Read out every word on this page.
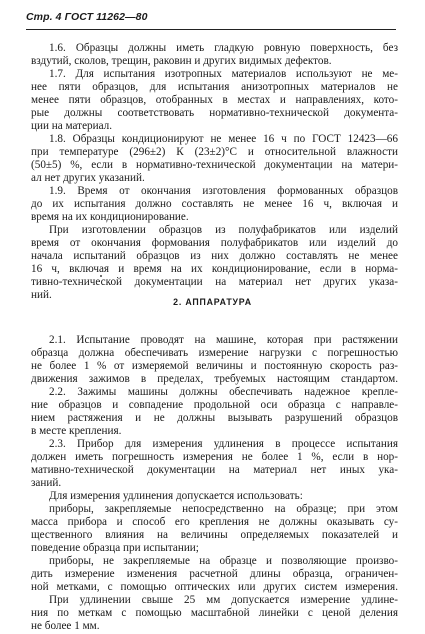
Стр. 4 ГОСТ 11262—80
1.6. Образцы должны иметь гладкую ровную поверхность, без
вздутий, сколов, трещин, раковин и других видимых дефектов.
1.7. Для испытания изотропных материалов используют не ме-
нее пяти образцов, для испытания анизотропных материалов не
менее пяти образцов, отобранных в местах и направлениях, кото-
рые должны соответствовать нормативно-технической документа-
ции на материал.
1.8. Образцы кондиционируют не менее 16 ч по ГОСТ 12423—66
при температуре (296±2) К (23±2)°С и относительной влажности
(50±5) %, если в нормативно-технической документации на матери-
ал нет других указаний.
1.9. Время от окончания изготовления формованных образцов
до их испытания должно составлять не менее 16 ч, включая и
время на их кондиционирование.
При изготовлении образцов из полуфабрикатов или изделий
время от окончания формования полуфабрикатов или изделий до
начала испытаний образцов из них должно составлять не менее
16 ч, включая и время на их кондиционирование, если в норма-
тивно-технической документации на материал нет других указа-
ний.
2. АППАРАТУРА
2.1. Испытание проводят на машине, которая при растяжении
образца должна обеспечивать измерение нагрузки с погрешностью
не более 1 % от измеряемой величины и постоянную скорость раз-
движения зажимов в пределах, требуемых настоящим стандартом.
2.2. Зажимы машины должны обеспечивать надежное крепле-
ние образцов и совпадение продольной оси образца с направле-
нием растяжения и не должны вызывать разрушений образцов
в месте крепления.
2.3. Прибор для измерения удлинения в процессе испытания
должен иметь погрешность измерения не более 1 %, если в нор-
мативно-технической документации на материал нет иных ука-
заний.
Для измерения удлинения допускается использовать:
приборы, закрепляемые непосредственно на образце; при этом
масса прибора и способ его крепления не должны оказывать су-
щественного влияния на величины определяемых показателей и
поведение образца при испытании;
приборы, не закрепляемые на образце и позволяющие произво-
дить измерение изменения расчетной длины образца, ограничен-
ной метками, с помощью оптических или других систем измерения.
При удлинении свыше 25 мм допускается измерение удлине-
ния по меткам с помощью масштабной линейки с ценой деления
не более 1 мм.
